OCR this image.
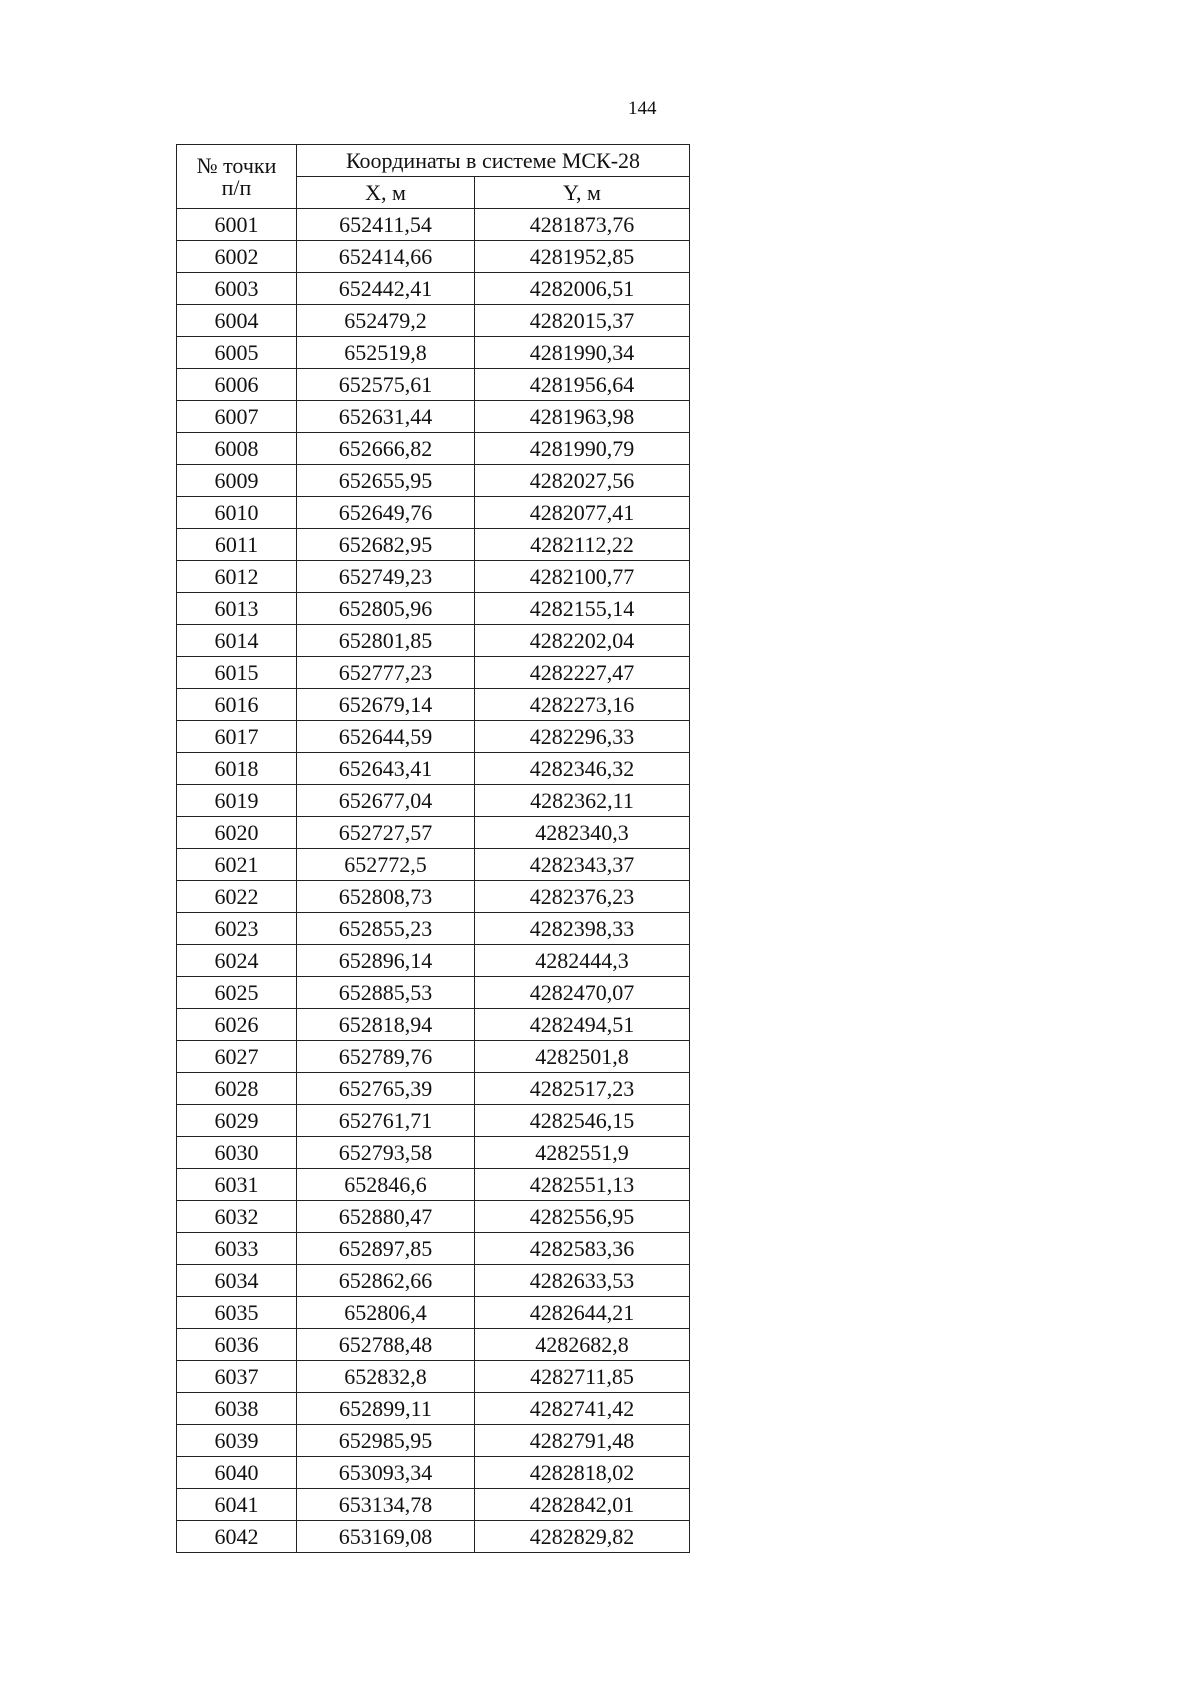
144
№ точки
п/п	Координаты в системе МСК-28	
	X, м	Y, м
6001	652411,54	4281873,76
6002	652414,66	4281952,85
6003	652442,41	4282006,51
6004	652479,2	4282015,37
6005	652519,8	4281990,34
6006	652575,61	4281956,64
6007	652631,44	4281963,98
6008	652666,82	4281990,79
6009	652655,95	4282027,56
6010	652649,76	4282077,41
6011	652682,95	4282112,22
6012	652749,23	4282100,77
6013	652805,96	4282155,14
6014	652801,85	4282202,04
6015	652777,23	4282227,47
6016	652679,14	4282273,16
6017	652644,59	4282296,33
6018	652643,41	4282346,32
6019	652677,04	4282362,11
6020	652727,57	4282340,3
6021	652772,5	4282343,37
6022	652808,73	4282376,23
6023	652855,23	4282398,33
6024	652896,14	4282444,3
6025	652885,53	4282470,07
6026	652818,94	4282494,51
6027	652789,76	4282501,8
6028	652765,39	4282517,23
6029	652761,71	4282546,15
6030	652793,58	4282551,9
6031	652846,6	4282551,13
6032	652880,47	4282556,95
6033	652897,85	4282583,36
6034	652862,66	4282633,53
6035	652806,4	4282644,21
6036	652788,48	4282682,8
6037	652832,8	4282711,85
6038	652899,11	4282741,42
6039	652985,95	4282791,48
6040	653093,34	4282818,02
6041	653134,78	4282842,01
6042	653169,08	4282829,82
